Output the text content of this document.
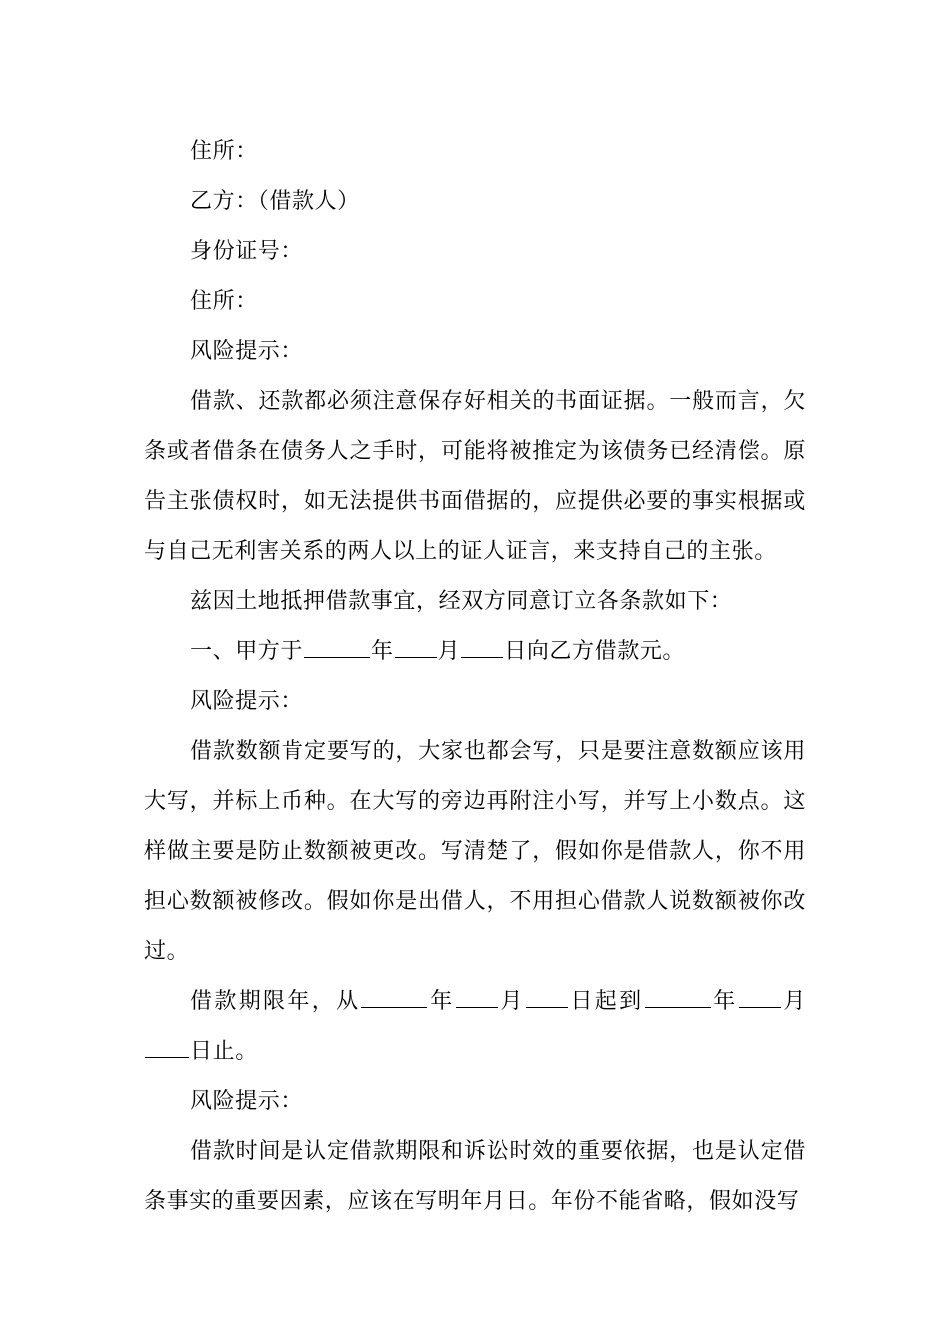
住所：

乙方：（借款人）

身份证号：

住所：

风险提示：

借款、还款都必须注意保存好相关的书面证据。一般而言，欠条或者借条在债务人之手时，可能将被推定为该债务已经清偿。原告主张债权时，如无法提供书面借据的，应提供必要的事实根据或与自己无利害关系的两人以上的证人证言，来支持自己的主张。

兹因土地抵押借款事宜，经双方同意订立各条款如下：

一、甲方于	年 月 日向乙方借款元。

风险提示：

借款数额肯定要写的，大家也都会写，只是要注意数额应该用大写，并标上币种。在大写的旁边再附注小写，并写上小数点。这样做主要是防止数额被更改。写清楚了，假如你是借款人，你不用担心数额被修改。假如你是出借人，不用担心借款人说数额被你改过。

借款期限年，从	年 月 日起到	年 月日止。

风险提示：

借款时间是认定借款期限和诉讼时效的重要依据，也是认定借条事实的重要因素，应该在写明年月日。年份不能省略，假如没写
